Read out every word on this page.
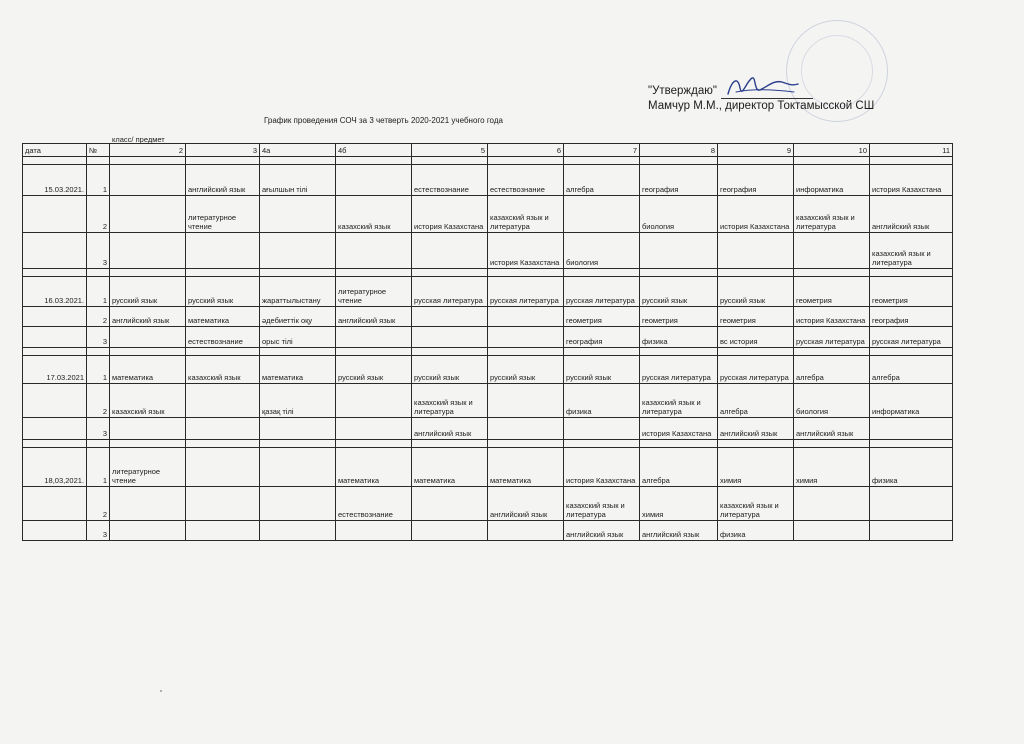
"Утверждаю"
Мамчур М.М., директор Токтамысской СШ
График проведения СОЧ за 3 четверть 2020-2021 учебного года
класс/ предмет
дата	№	2	3	4а	4б	5	6	7	8	9	10	11

15.03.2021.	1		английский язык	ағылшын тілі		естествознание	естествознание	алгебра	география	география	информатика	история Казахстана
	2		литературное чтение		казахский язык	история Казахстана	казахский язык и литература		биология	история Казахстана	казахский язык и литература	английский язык
	3						история Казахстана	биология				казахский язык и литература

16.03.2021.	1	русский язык	русский язык	жараттылыстану	литературное чтение	русская литература	русская литература	русская литература	русский язык	русский язык	геометрия	геометрия
	2	английский язык	математика	әдебиеттік оқу	английский язык			геометрия	геометрия	геометрия	история Казахстана	география
	3		естествознание	орыс тілі				география	физика	вс история	русская литература	русская литература

17.03.2021	1	математика	казахский язык	математика	русский язык	русский язык	русский язык	русский язык	русская литература	русская литература	алгебра	алгебра
	2	казахский язык		қазақ тілі		казахский язык и литература		физика	казахский язык и литература	алгебра	биология	информатика
	3					английский язык			история Казахстана	английский язык	английский язык	

18,03,2021.	1	литературное чтение			математика	математика	математика	история Казахстана	алгебра	химия	химия	физика
	2				естествознание		английский язык	казахский язык и литература	химия	казахский язык и литература		
	3							английский язык	английский язык	физика		
